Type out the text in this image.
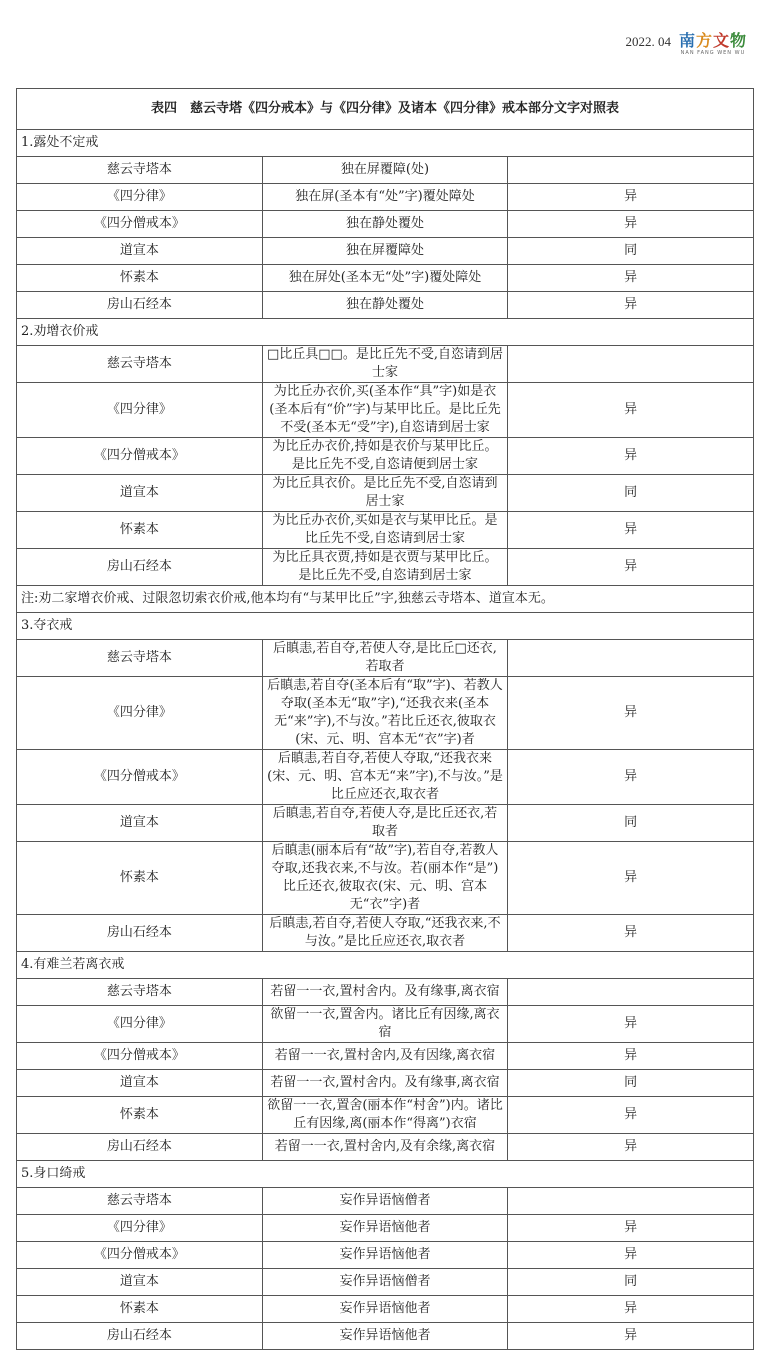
2022. 04 南方文物
NAN FANG WEN WU
表四　慈云寺塔《四分戒本》与《四分律》及诸本《四分律》戒本部分文字对照表		
1.露处不定戒		
慈云寺塔本	独在屏覆障(处)	
《四分律》	独在屏(圣本有“处”字)覆处障处	异
《四分僧戒本》	独在静处覆处	异
道宣本	独在屏覆障处	同
怀素本	独在屏处(圣本无“处”字)覆处障处	异
房山石经本	独在静处覆处	异
2.劝增衣价戒		
慈云寺塔本	□比丘具□□。是比丘先不受,自恣请到居士家	
《四分律》	为比丘办衣价,买(圣本作“具”字)如是衣(圣本后有“价”字)与某甲比丘。是比丘先不受(圣本无“受”字),自恣请到居士家	异
《四分僧戒本》	为比丘办衣价,持如是衣价与某甲比丘。是比丘先不受,自恣请便到居士家	异
道宣本	为比丘具衣价。是比丘先不受,自恣请到居士家	同
怀素本	为比丘办衣价,买如是衣与某甲比丘。是比丘先不受,自恣请到居士家	异
房山石经本	为比丘具衣贾,持如是衣贾与某甲比丘。是比丘先不受,自恣请到居士家	异
注:劝二家增衣价戒、过限忽切索衣价戒,他本均有“与某甲比丘”字,独慈云寺塔本、道宣本无。		
3.夺衣戒		
慈云寺塔本	后瞋恚,若自夺,若使人夺,是比丘□还衣,若取者	
《四分律》	后瞋恚,若自夺(圣本后有“取”字)、若教人夺取(圣本无“取”字),“还我衣来(圣本无“来”字),不与汝。”若比丘还衣,彼取衣(宋、元、明、宫本无“衣”字)者	异
《四分僧戒本》	后瞋恚,若自夺,若使人夺取,“还我衣来(宋、元、明、宫本无“来”字),不与汝。”是比丘应还衣,取衣者	异
道宣本	后瞋恚,若自夺,若使人夺,是比丘还衣,若取者	同
怀素本	后瞋恚(丽本后有“故”字),若自夺,若教人夺取,还我衣来,不与汝。若(丽本作“是”)比丘还衣,彼取衣(宋、元、明、宫本无“衣”字)者	异
房山石经本	后瞋恚,若自夺,若使人夺取,“还我衣来,不与汝。”是比丘应还衣,取衣者	异
4.有难兰若离衣戒		
慈云寺塔本	若留一一衣,置村舍内。及有缘事,离衣宿	
《四分律》	欲留一一衣,置舍内。诸比丘有因缘,离衣宿	异
《四分僧戒本》	若留一一衣,置村舍内,及有因缘,离衣宿	异
道宣本	若留一一衣,置村舍内。及有缘事,离衣宿	同
怀素本	欲留一一衣,置舍(丽本作“村舍”)内。诸比丘有因缘,离(丽本作“得离”)衣宿	异
房山石经本	若留一一衣,置村舍内,及有余缘,离衣宿	异
5.身口绮戒		
慈云寺塔本	妄作异语恼僧者	
《四分律》	妄作异语恼他者	异
《四分僧戒本》	妄作异语恼他者	异
道宣本	妄作异语恼僧者	同
怀素本	妄作异语恼他者	异
房山石经本	妄作异语恼他者	异
